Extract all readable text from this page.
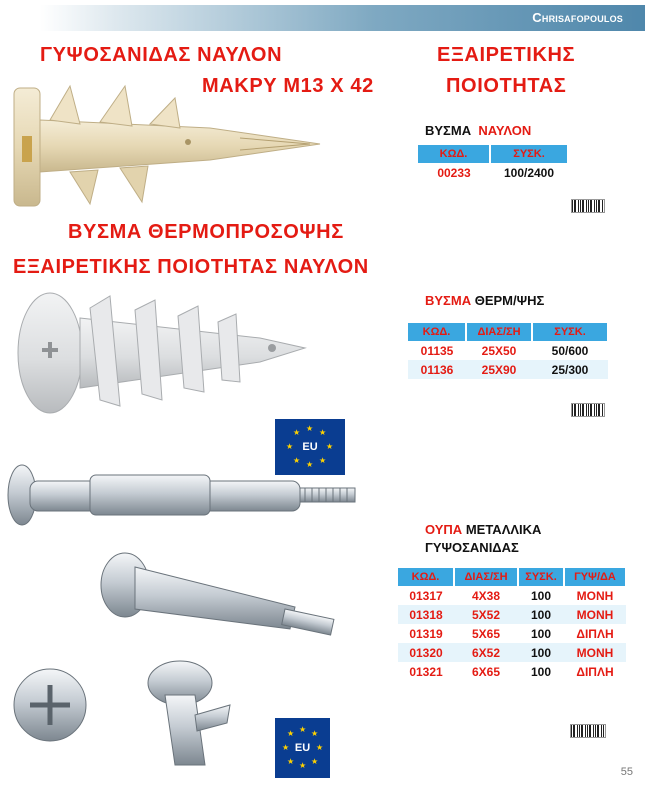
Chrisafopoulos
ΓΥΨΟΣΑΝΙΔΑΣ ΝΑΥΛΟΝ
ΜΑΚΡΥ Μ13 Χ 42
ΕΞΑΙΡΕΤΙΚΗΣ
ΠΟΙΟΤΗΤΑΣ
ΒΥΣΜΑ ΝΑΥΛΟΝ
ΚΩΔ.	ΣΥΣΚ.
00233	100/2400
ΒΥΣΜΑ ΘΕΡΜΟΠΡΟΣΟΨΗΣ
ΕΞΑΙΡΕΤΙΚΗΣ ΠΟΙΟΤΗΤΑΣ ΝΑΥΛΟΝ
ΒΥΣΜΑ ΘΕΡΜ/ΨΗΣ
ΚΩΔ.	ΔΙΑΣ/ΣΗ	ΣΥΣΚ.
01135	25X50	50/600
01136	25X90	25/300
★ ★
★
★
★
★
★
★
EU
ΟΥΠΑ ΜΕΤΑΛΛΙΚΑ
ΓΥΨΟΣΑΝΙΔΑΣ
ΚΩΔ.	ΔΙΑΣ/ΣΗ	ΣΥΣΚ.	ΓΥΨ/ΔΑ
01317	4X38	100	ΜΟΝΗ
01318	5X52	100	ΜΟΝΗ
01319	5X65	100	ΔΙΠΛΗ
01320	6X52	100	ΜΟΝΗ
01321	6X65	100	ΔΙΠΛΗ
★ ★
★
★
★
★
★
★
EU
55
